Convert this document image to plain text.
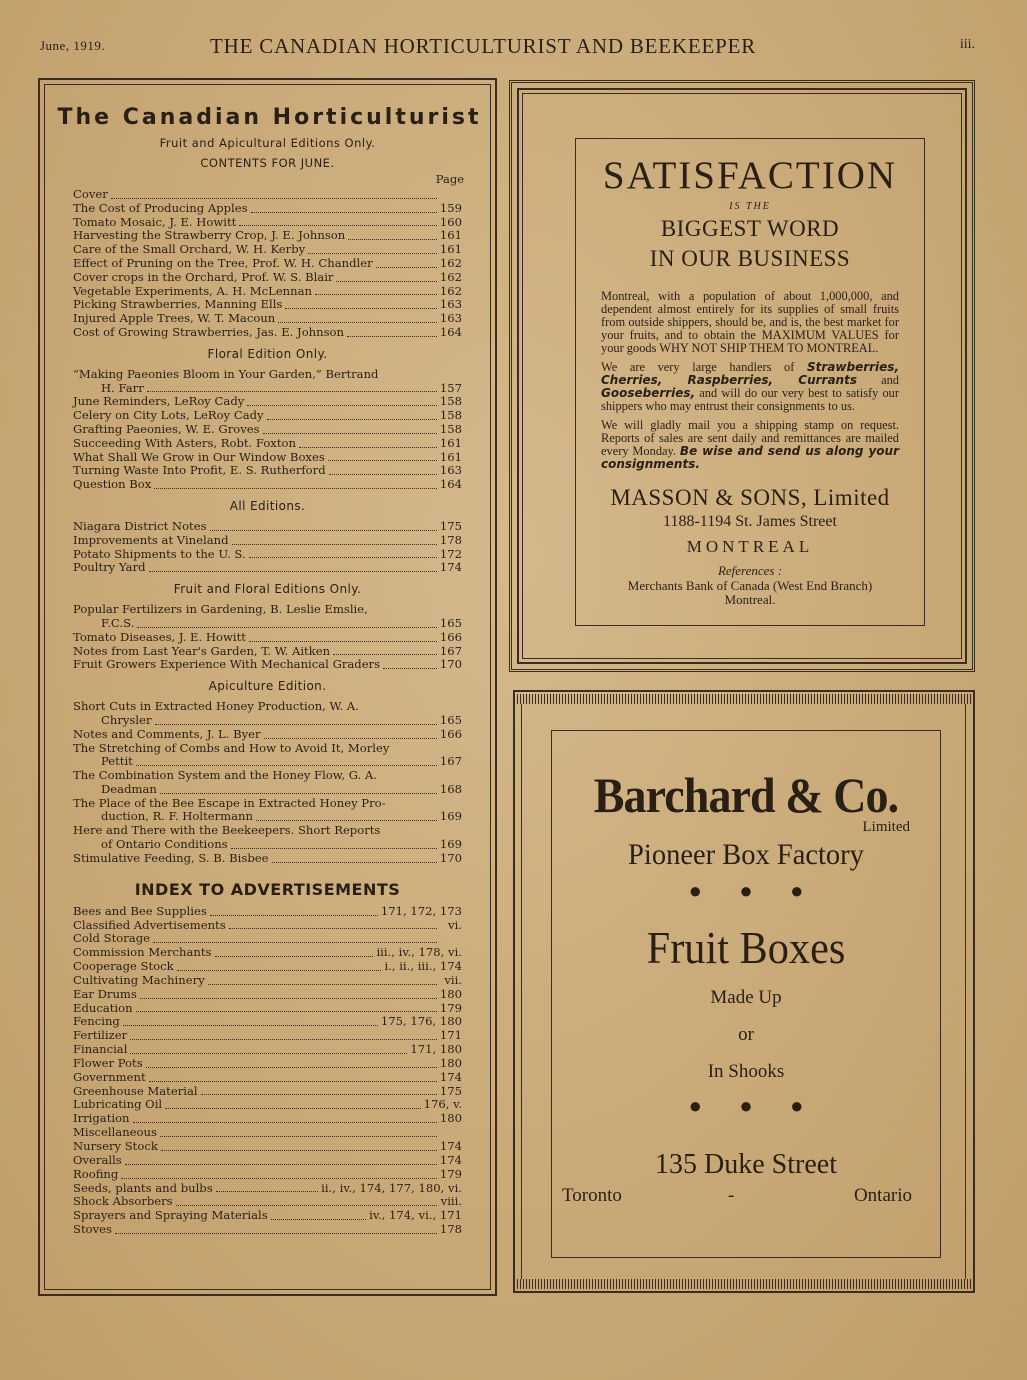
June, 1919.	THE CANADIAN HORTICULTURIST AND BEEKEEPER	iii.
The Canadian Horticulturist
Fruit and Apicultural Editions Only.
CONTENTS FOR JUNE.
Page
Cover
The Cost of Producing Apples	159
Tomato Mosaic, J. E. Howitt	160
Harvesting the Strawberry Crop, J. E. Johnson	161
Care of the Small Orchard, W. H. Kerby	161
Effect of Pruning on the Tree, Prof. W. H. Chandler	162
Cover crops in the Orchard, Prof. W. S. Blair	162
Vegetable Experiments, A. H. McLennan	162
Picking Strawberries, Manning Ells	163
Injured Apple Trees, W. T. Macoun	163
Cost of Growing Strawberries, Jas. E. Johnson	164
Floral Edition Only.
“Making Paeonies Bloom in Your Garden,” Bertrand
H. Farr	157
June Reminders, LeRoy Cady	158
Celery on City Lots, LeRoy Cady	158
Grafting Paeonies, W. E. Groves	158
Succeeding With Asters, Robt. Foxton	161
What Shall We Grow in Our Window Boxes	161
Turning Waste Into Profit, E. S. Rutherford	163
Question Box	164
All Editions.
Niagara District Notes	175
Improvements at Vineland	178
Potato Shipments to the U. S.	172
Poultry Yard	174
Fruit and Floral Editions Only.
Popular Fertilizers in Gardening, B. Leslie Emslie,
F.C.S.	165
Tomato Diseases, J. E. Howitt	166
Notes from Last Year's Garden, T. W. Aitken	167
Fruit Growers Experience With Mechanical Graders	170
Apiculture Edition.
Short Cuts in Extracted Honey Production, W. A.
Chrysler	165
Notes and Comments, J. L. Byer	166
The Stretching of Combs and How to Avoid It, Morley
Pettit	167
The Combination System and the Honey Flow, G. A.
Deadman	168
The Place of the Bee Escape in Extracted Honey Pro-
duction, R. F. Holtermann	169
Here and There with the Beekeepers. Short Reports
of Ontario Conditions	169
Stimulative Feeding, S. B. Bisbee	170
INDEX TO ADVERTISEMENTS
Bees and Bee Supplies	171, 172, 173
Classified Advertisements	vi.
Cold Storage
Commission Merchants	iii., iv., 178, vi.
Cooperage Stock	i., ii., iii., 174
Cultivating Machinery	vii.
Ear Drums	180
Education	179
Fencing	175, 176, 180
Fertilizer	171
Financial	171, 180
Flower Pots	180
Government	174
Greenhouse Material	175
Lubricating Oil	176, v.
Irrigation	180
Miscellaneous
Nursery Stock	174
Overalls	174
Roofing	179
Seeds, plants and bulbs	ii., iv., 174, 177, 180, vi.
Shock Absorbers	viii.
Sprayers and Spraying Materials	iv., 174, vi., 171
Stoves	178
SATISFACTION
IS THE
BIGGEST WORD
IN OUR BUSINESS

Montreal, with a population of about 1,000,000, and dependent almost entirely for its supplies of small fruits from outside shippers, should be, and is, the best market for your fruits, and to obtain the MAXIMUM VALUES for your goods WHY NOT SHIP THEM TO MONTREAL.

We are very large handlers of Strawberries, Cherries, Raspberries, Currants and Gooseberries, and will do our very best to satisfy our shippers who may entrust their consignments to us.

We will gladly mail you a shipping stamp on request. Reports of sales are sent daily and remittances are mailed every Monday. Be wise and send us along your consignments.

MASSON & SONS, Limited
1188-1194 St. James Street
MONTREAL
References :
Merchants Bank of Canada (West End Branch)
Montreal.
Barchard & Co.
Limited
Pioneer Box Factory
● ● ●
Fruit Boxes
Made Up
or
In Shooks
● ● ●
135 Duke Street
Toronto	-	Ontario
